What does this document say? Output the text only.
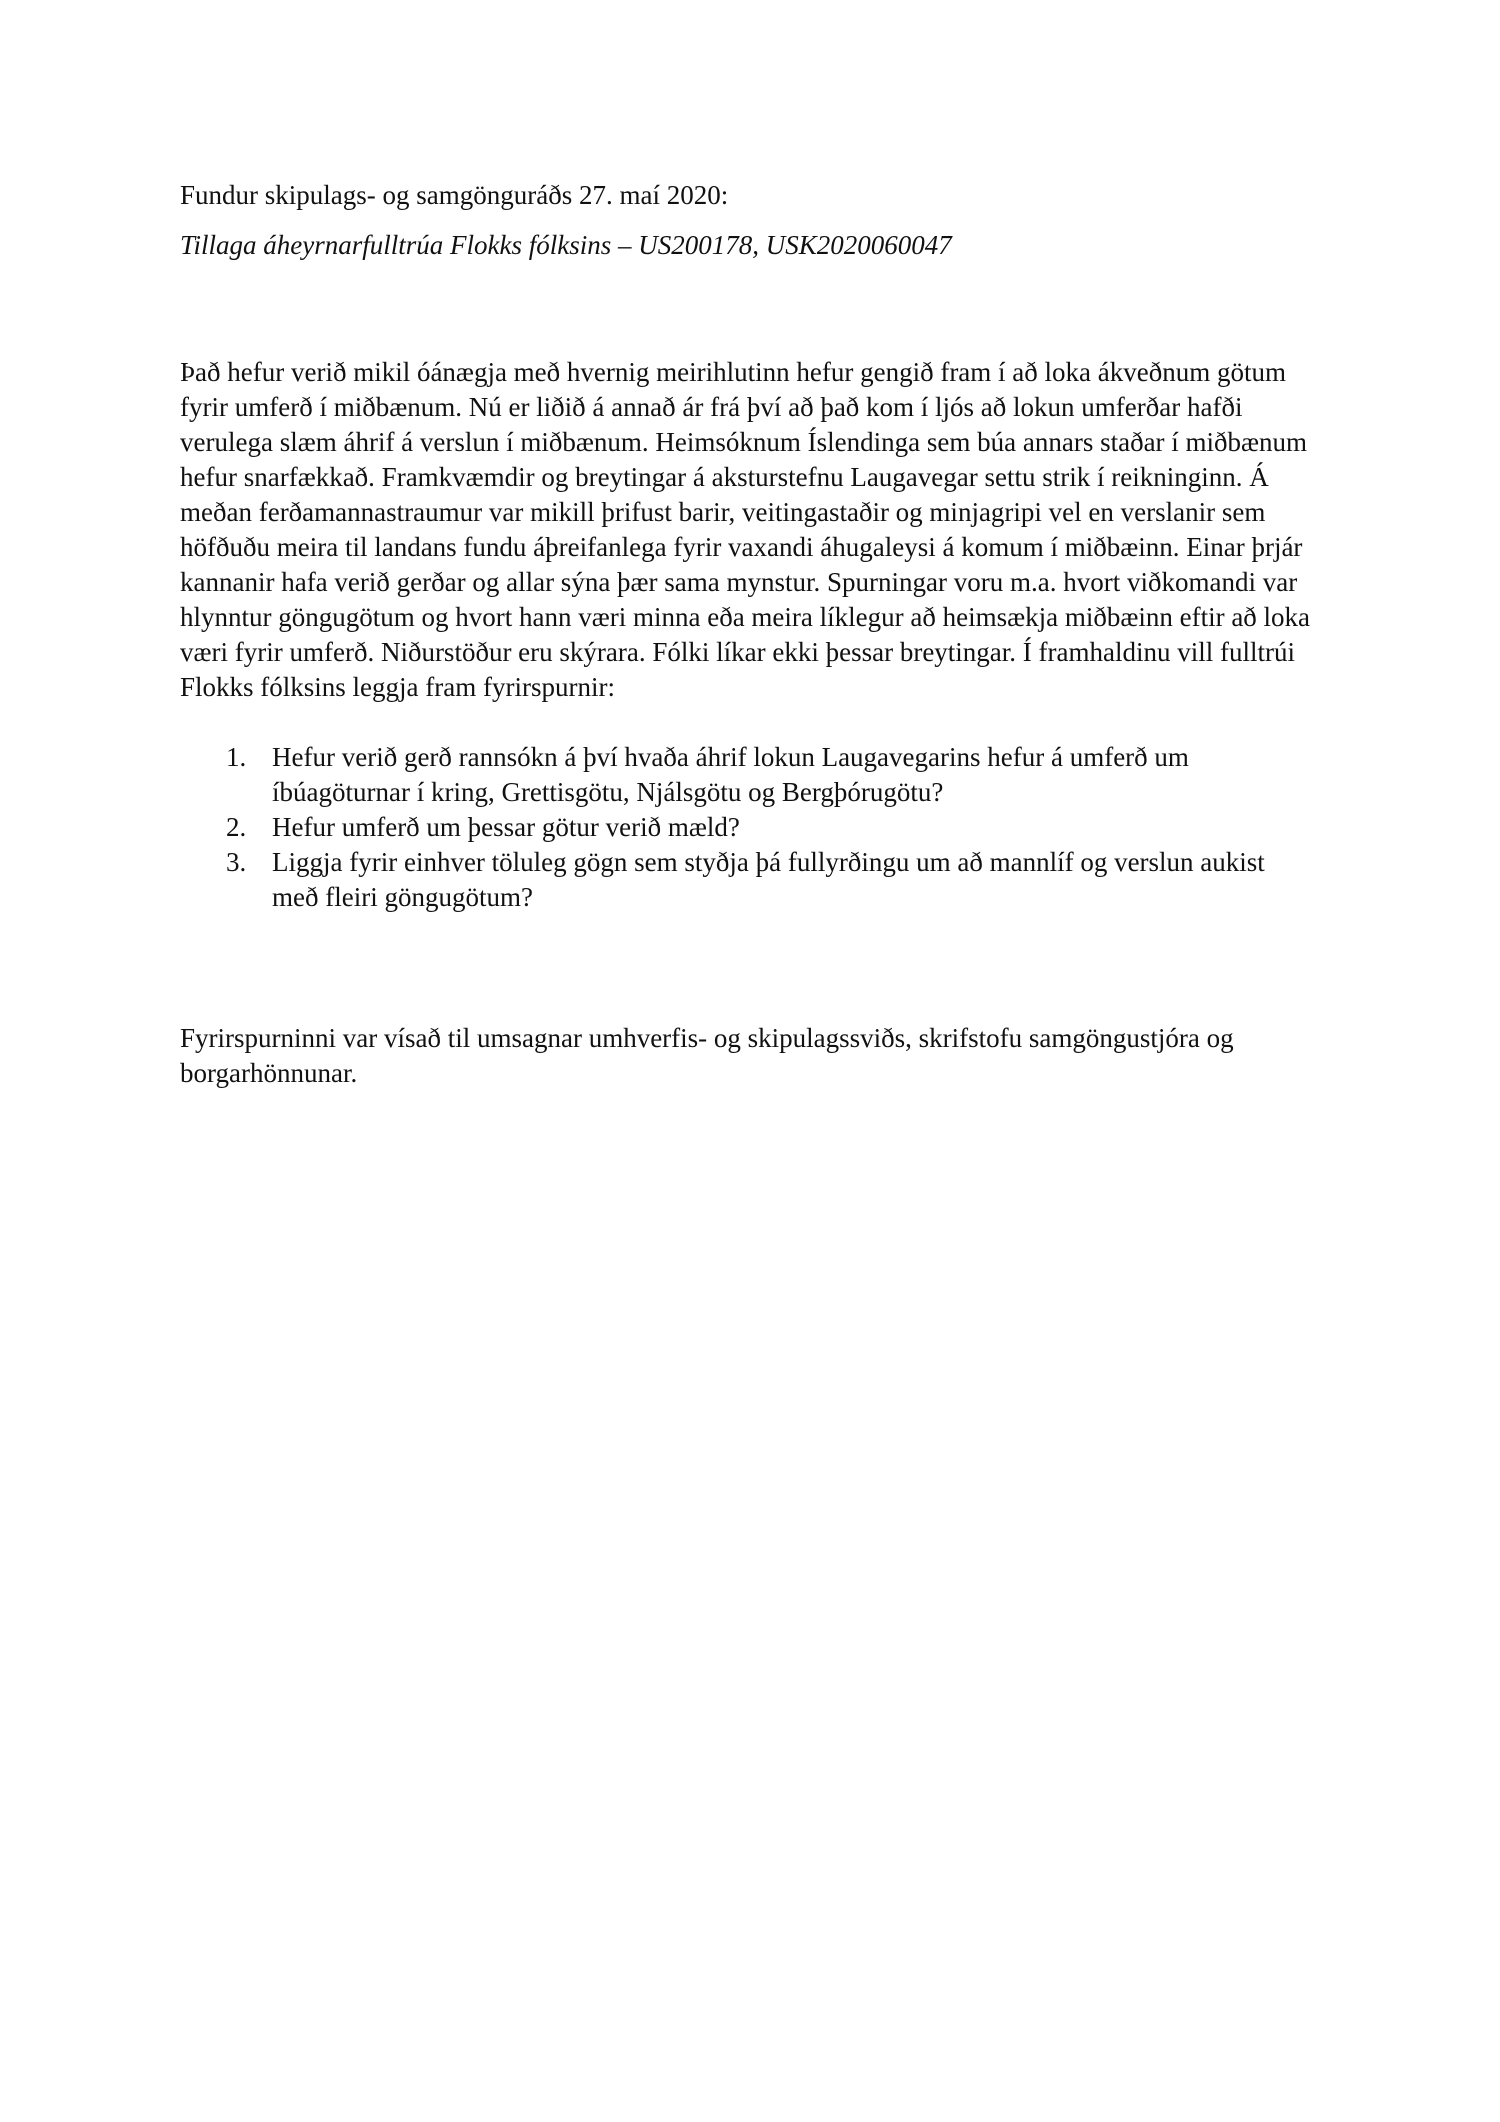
Fundur skipulags- og samgönguráðs 27. maí 2020:

Tillaga áheyrnarfulltrúa Flokks fólksins – US200178, USK2020060047

Það hefur verið mikil óánægja með hvernig meirihlutinn hefur gengið fram í að loka ákveðnum götum fyrir umferð í miðbænum. Nú er liðið á annað ár frá því að það kom í ljós að lokun umferðar hafði verulega slæm áhrif á verslun í miðbænum. Heimsóknum Íslendinga sem búa annars staðar í miðbænum hefur snarfækkað. Framkvæmdir og breytingar á aksturstefnu Laugavegar settu strik í reikninginn. Á meðan ferðamannastraumur var mikill þrifust barir, veitingastaðir og minjagripi vel en verslanir sem höfðuðu meira til landans fundu áþreifanlega fyrir vaxandi áhugaleysi á komum í miðbæinn. Einar þrjár kannanir hafa verið gerðar og allar sýna þær sama mynstur. Spurningar voru m.a. hvort viðkomandi var hlynntur göngugötum og hvort hann væri minna eða meira líklegur að heimsækja miðbæinn eftir að loka væri fyrir umferð. Niðurstöður eru skýrara. Fólki líkar ekki þessar breytingar. Í framhaldinu vill fulltrúi Flokks fólksins leggja fram fyrirspurnir:

1. Hefur verið gerð rannsókn á því hvaða áhrif lokun Laugavegarins hefur á umferð um íbúagöturnar í kring, Grettisgötu, Njálsgötu og Bergþórugötu?
2. Hefur umferð um þessar götur verið mæld?
3. Liggja fyrir einhver töluleg gögn sem styðja þá fullyrðingu um að mannlíf og verslun aukist með fleiri göngugötum?

Fyrirspurninni var vísað til umsagnar umhverfis- og skipulagssviðs, skrifstofu samgöngustjóra og borgarhönnunar.
